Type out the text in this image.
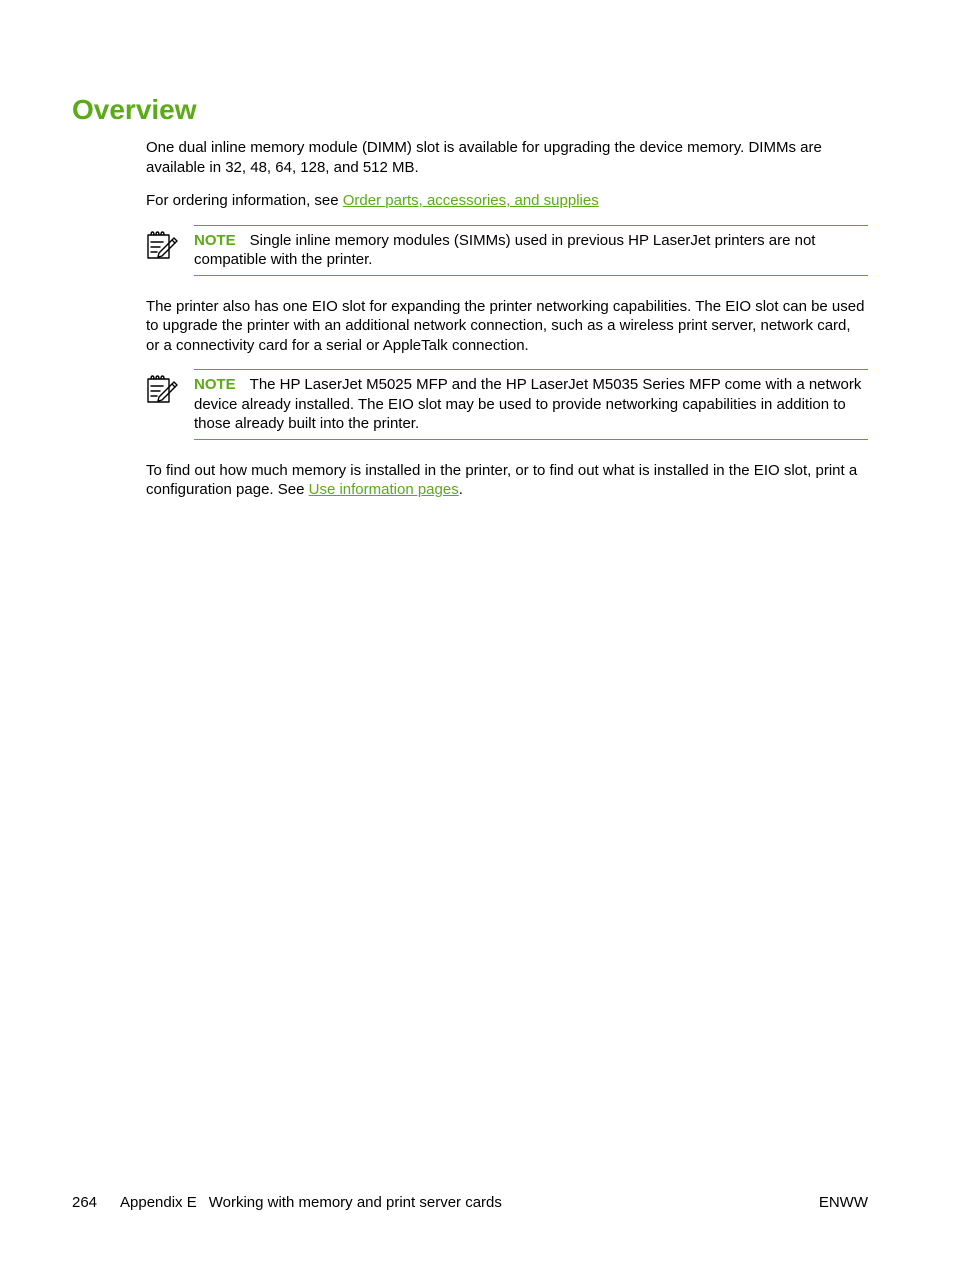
Overview

One dual inline memory module (DIMM) slot is available for upgrading the device memory. DIMMs are available in 32, 48, 64, 128, and 512 MB.

For ordering information, see Order parts, accessories, and supplies

NOTE Single inline memory modules (SIMMs) used in previous HP LaserJet printers are not compatible with the printer.

The printer also has one EIO slot for expanding the printer networking capabilities. The EIO slot can be used to upgrade the printer with an additional network connection, such as a wireless print server, network card, or a connectivity card for a serial or AppleTalk connection.

NOTE The HP LaserJet M5025 MFP and the HP LaserJet M5035 Series MFP come with a network device already installed. The EIO slot may be used to provide networking capabilities in addition to those already built into the printer.

To find out how much memory is installed in the printer, or to find out what is installed in the EIO slot, print a configuration page. See Use information pages.

264 Appendix E Working with memory and print server cards	ENWW
